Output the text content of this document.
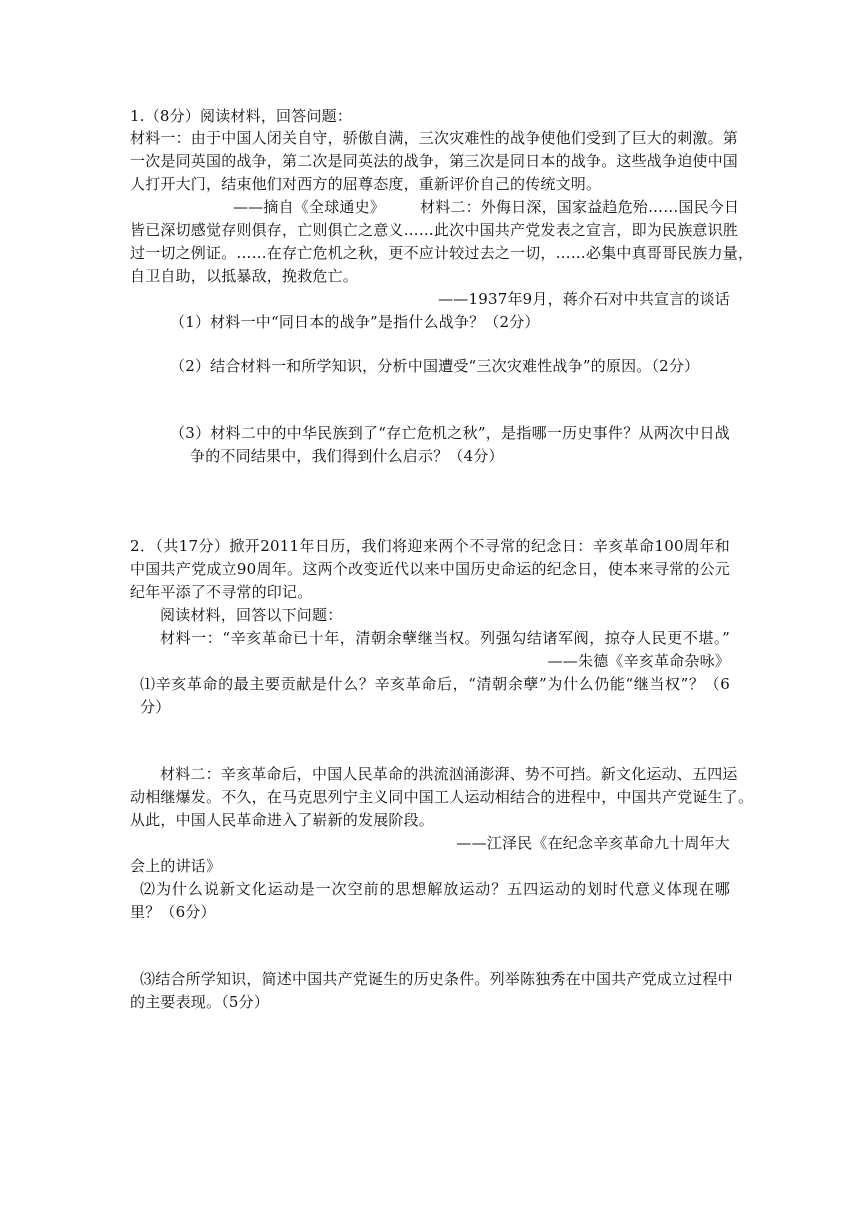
1.（8分）阅读材料，回答问题：
材料一：由于中国人闭关自守，骄傲自满，三次灾难性的战争使他们受到了巨大的刺激。第
一次是同英国的战争，第二次是同英法的战争，第三次是同日本的战争。这些战争迫使中国
人打开大门，结束他们对西方的屈尊态度，重新评价自己的传统文明。
——摘自《全球通史》 材料二：外侮日深，国家益趋危殆……国民今日
皆已深切感觉存则俱存，亡则俱亡之意义……此次中国共产党发表之宣言，即为民族意识胜
过一切之例证。……在存亡危机之秋，更不应计较过去之一切，……必集中真哥哥民族力量，
自卫自助，以抵暴敌，挽救危亡。
——1937年9月，蒋介石对中共宣言的谈话
（1）材料一中“同日本的战争”是指什么战争？（2分）
（2）结合材料一和所学知识，分析中国遭受“三次灾难性战争”的原因。（2分）
（3）材料二中的中华民族到了“存亡危机之秋”，是指哪一历史事件？从两次中日战
争的不同结果中，我们得到什么启示？（4分）
2．（共17分）掀开2011年日历，我们将迎来两个不寻常的纪念日：辛亥革命100周年和
中国共产党成立90周年。这两个改变近代以来中国历史命运的纪念日，使本来寻常的公元
纪年平添了不寻常的印记。
阅读材料，回答以下问题：
材料一：“辛亥革命已十年，清朝余孽继当权。列强勾结诸军阀，掠夺人民更不堪。”
——朱德《辛亥革命杂咏》
⑴辛亥革命的最主要贡献是什么？辛亥革命后，“清朝余孽”为什么仍能“继当权”？（6
分）
材料二：辛亥革命后，中国人民革命的洪流汹涌澎湃、势不可挡。新文化运动、五四运
动相继爆发。不久，在马克思列宁主义同中国工人运动相结合的进程中，中国共产党诞生了。
从此，中国人民革命进入了崭新的发展阶段。
——江泽民《在纪念辛亥革命九十周年大
会上的讲话》
⑵为什么说新文化运动是一次空前的思想解放运动？五四运动的划时代意义体现在哪
里？（6分）
⑶结合所学知识，简述中国共产党诞生的历史条件。列举陈独秀在中国共产党成立过程中
的主要表现。（5分）
